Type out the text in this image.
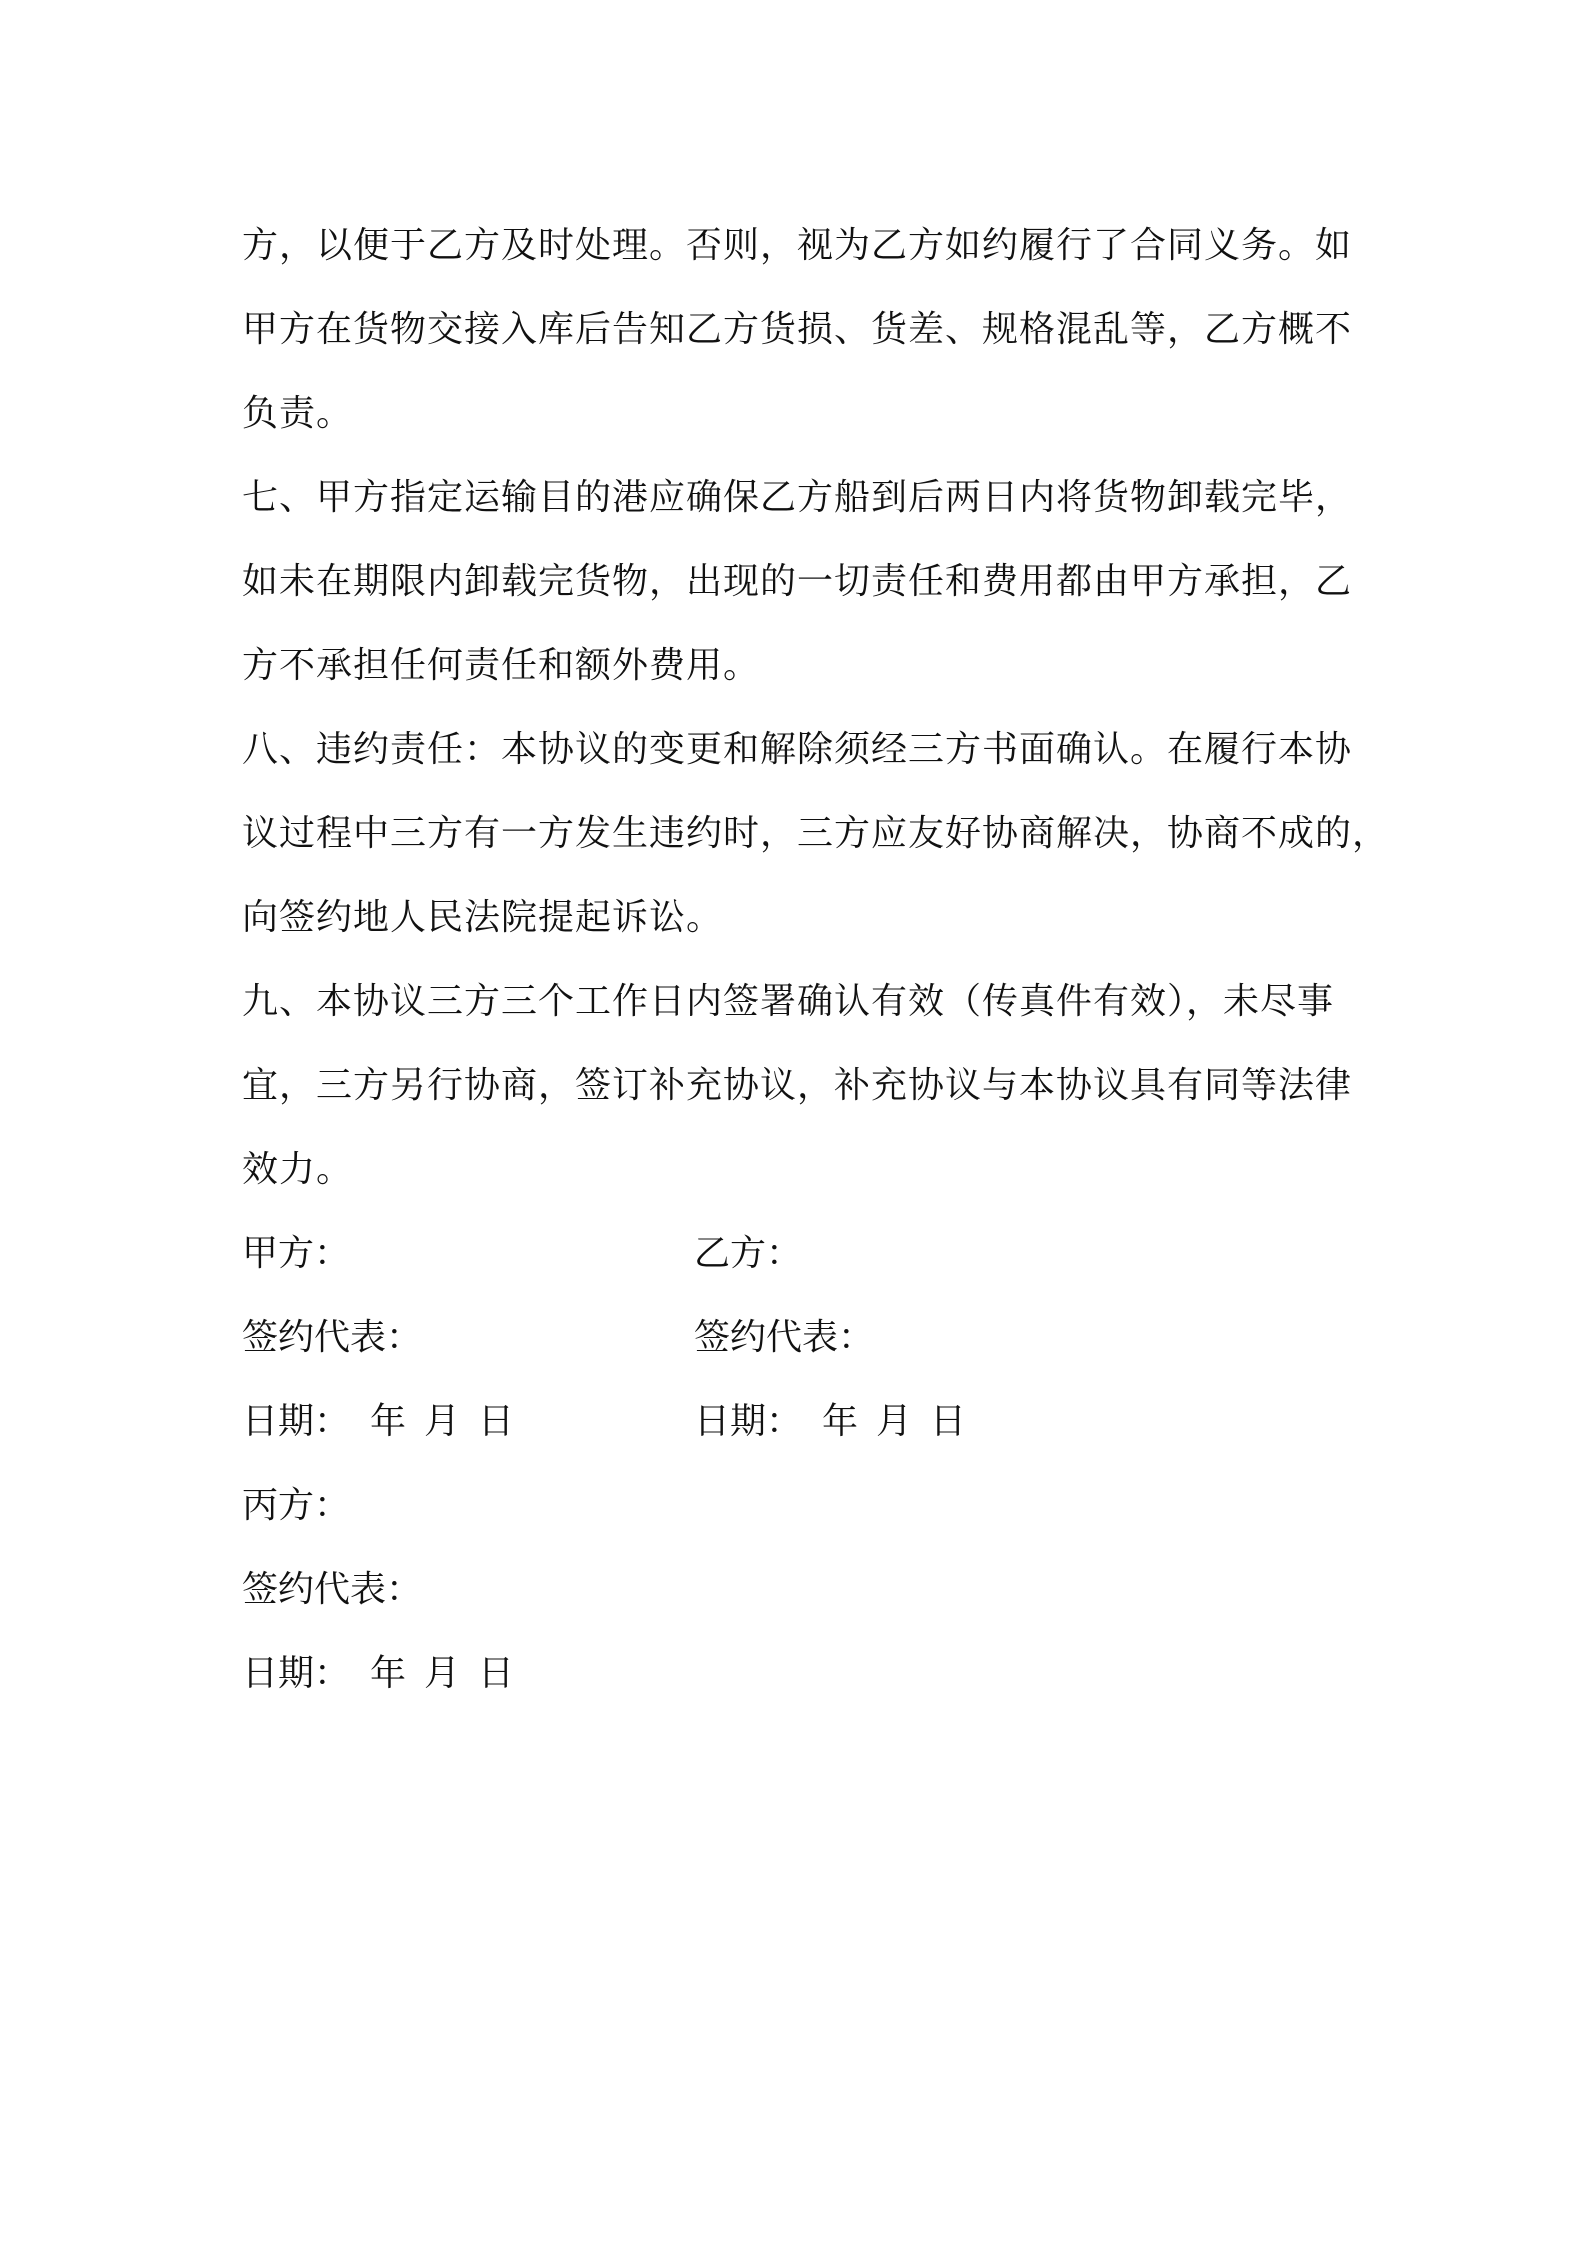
方，以便于乙方及时处理。否则，视为乙方如约履行了合同义务。如
甲方在货物交接入库后告知乙方货损、货差、规格混乱等，乙方概不
负责。
七、甲方指定运输目的港应确保乙方船到后两日内将货物卸载完毕，
如未在期限内卸载完货物，出现的一切责任和费用都由甲方承担，乙
方不承担任何责任和额外费用。
八、违约责任：本协议的变更和解除须经三方书面确认。在履行本协
议过程中三方有一方发生违约时，三方应友好协商解决，协商不成的，
向签约地人民法院提起诉讼。
九、本协议三方三个工作日内签署确认有效（传真件有效），未尽事
宜，三方另行协商，签订补充协议，补充协议与本协议具有同等法律
效力。
甲方：	乙方：
签约代表：	签约代表：
日期： 年 月 日	日期： 年 月 日
丙方：
签约代表：
日期： 年 月 日
